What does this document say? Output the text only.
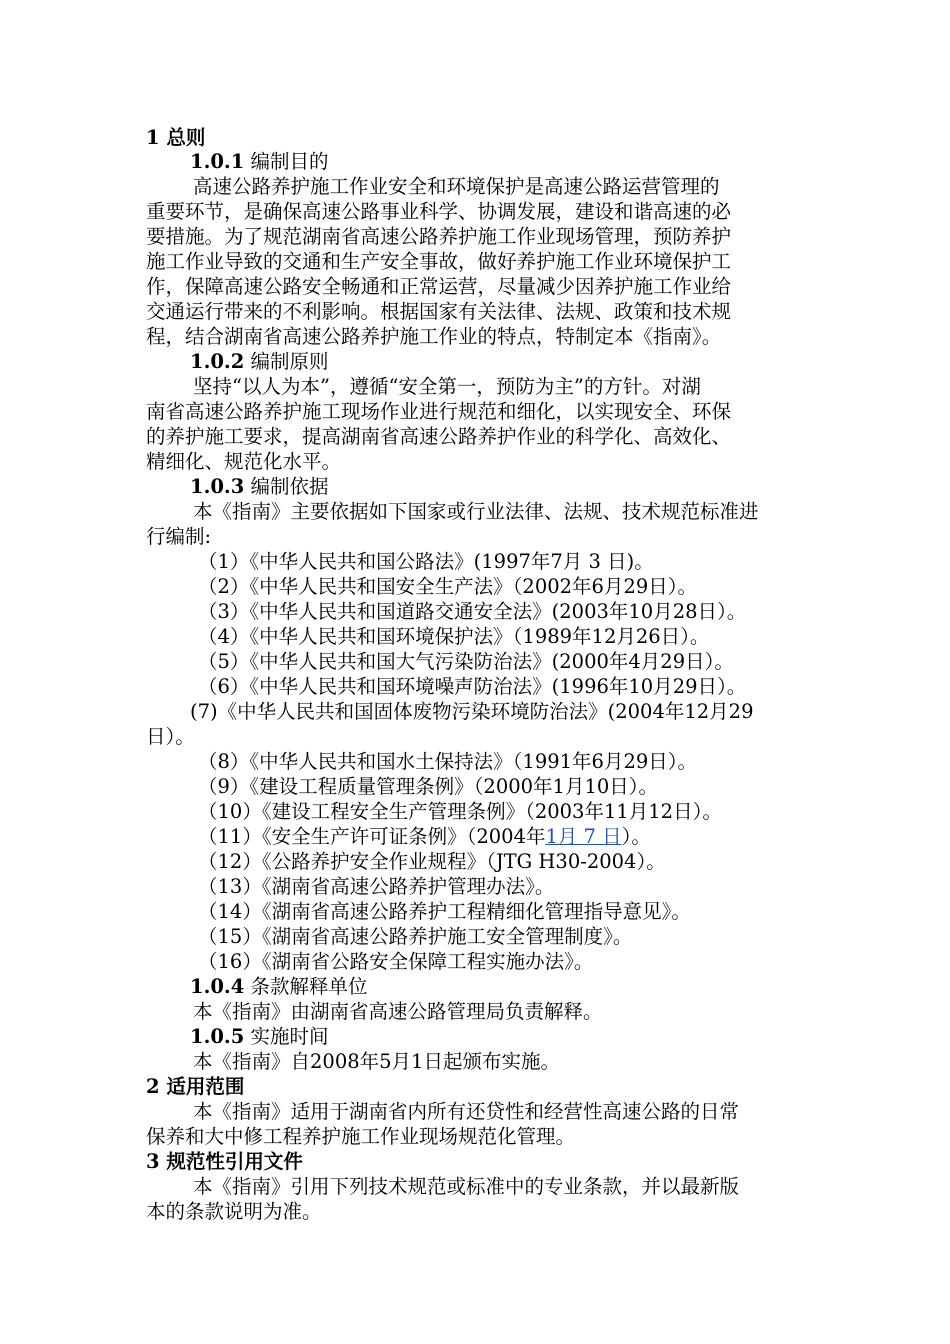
1 总则
1.0.1 编制目的
高速公路养护施工作业安全和环境保护是高速公路运营管理的
重要环节，是确保高速公路事业科学、协调发展，建设和谐高速的必
要措施。为了规范湖南省高速公路养护施工作业现场管理，预防养护
施工作业导致的交通和生产安全事故，做好养护施工作业环境保护工
作，保障高速公路安全畅通和正常运营，尽量减少因养护施工作业给
交通运行带来的不利影响。根据国家有关法律、法规、政策和技术规
程，结合湖南省高速公路养护施工作业的特点，特制定本《指南》。
1.0.2 编制原则
坚持“以人为本”，遵循“安全第一，预防为主”的方针。对湖
南省高速公路养护施工现场作业进行规范和细化，以实现安全、环保
的养护施工要求，提高湖南省高速公路养护作业的科学化、高效化、
精细化、规范化水平。
1.0.3 编制依据
本《指南》主要依据如下国家或行业法律、法规、技术规范标准进
行编制:
（1）《中华人民共和国公路法》(1997年7月 3 日)。
（2）《中华人民共和国安全生产法》（2002年6月29日）。
（3）《中华人民共和国道路交通安全法》(2003年10月28日）。
（4）《中华人民共和国环境保护法》（1989年12月26日）。
（5）《中华人民共和国大气污染防治法》(2000年4月29日）。
（6）《中华人民共和国环境噪声防治法》(1996年10月29日）。
(7)《中华人民共和国固体废物污染环境防治法》(2004年12月29
日）。
（8）《中华人民共和国水土保持法》（1991年6月29日）。
（9）《建设工程质量管理条例》（2000年1月10日）。
（10）《建设工程安全生产管理条例》（2003年11月12日）。
（11）《安全生产许可证条例》（2004年1月 7 日）。
（12）《公路养护安全作业规程》（JTG H30-2004）。
（13）《湖南省高速公路养护管理办法》。
（14）《湖南省高速公路养护工程精细化管理指导意见》。
（15）《湖南省高速公路养护施工安全管理制度》。
（16）《湖南省公路安全保障工程实施办法》。
1.0.4 条款解释单位
本《指南》由湖南省高速公路管理局负责解释。
1.0.5 实施时间
本《指南》自2008年5月1日起颁布实施。
2 适用范围
本《指南》适用于湖南省内所有还贷性和经营性高速公路的日常
保养和大中修工程养护施工作业现场规范化管理。
3 规范性引用文件
本《指南》引用下列技术规范或标准中的专业条款，并以最新版
本的条款说明为准。
